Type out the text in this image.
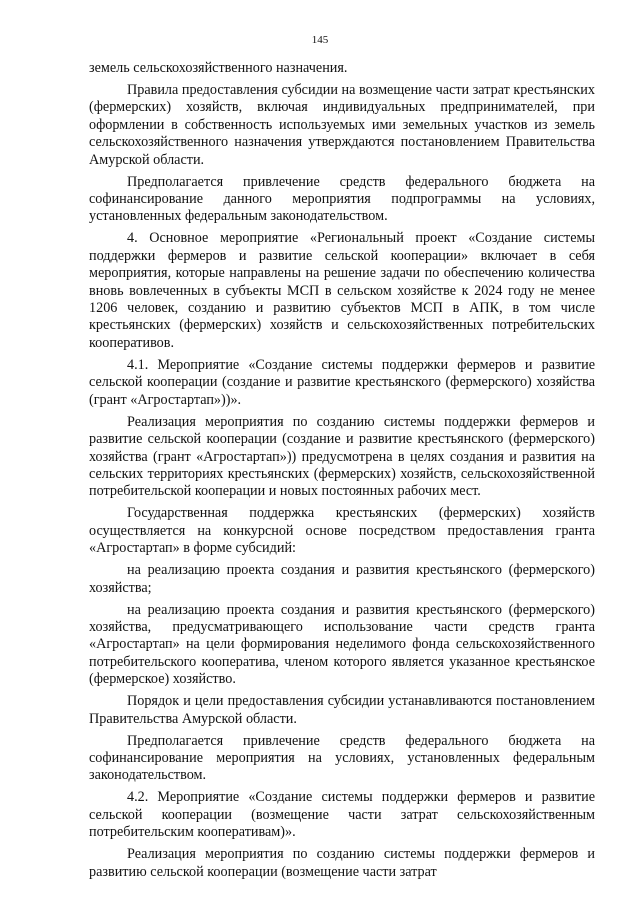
145

земель сельскохозяйственного назначения.

Правила предоставления субсидии на возмещение части затрат крестьянских (фермерских) хозяйств, включая индивидуальных предпринимателей, при оформлении в собственность используемых ими земельных участков из земель сельскохозяйственного назначения утверждаются постановлением Правительства Амурской области.

Предполагается привлечение средств федерального бюджета на софинансирование данного мероприятия подпрограммы на условиях, установленных федеральным законодательством.

4. Основное мероприятие «Региональный проект «Создание системы поддержки фермеров и развитие сельской кооперации» включает в себя мероприятия, которые направлены на решение задачи по обеспечению количества вновь вовлеченных в субъекты МСП в сельском хозяйстве к 2024 году не менее 1206 человек, созданию и развитию субъектов МСП в АПК, в том числе крестьянских (фермерских) хозяйств и сельскохозяйственных потребительских кооперативов.

4.1. Мероприятие «Создание системы поддержки фермеров и развитие сельской кооперации (создание и развитие крестьянского (фермерского) хозяйства (грант «Агростартап»))».

Реализация мероприятия по созданию системы поддержки фермеров и развитие сельской кооперации (создание и развитие крестьянского (фермерского) хозяйства (грант «Агростартап»)) предусмотрена в целях создания и развития на сельских территориях крестьянских (фермерских) хозяйств, сельскохозяйственной потребительской кооперации и новых постоянных рабочих мест.

Государственная поддержка крестьянских (фермерских) хозяйств осуществляется на конкурсной основе посредством предоставления гранта «Агростартап» в форме субсидий:

на реализацию проекта создания и развития крестьянского (фермерского) хозяйства;

на реализацию проекта создания и развития крестьянского (фермерского) хозяйства, предусматривающего использование части средств гранта «Агростартап» на цели формирования неделимого фонда сельскохозяйственного потребительского кооператива, членом которого является указанное крестьянское (фермерское) хозяйство.

Порядок и цели предоставления субсидии устанавливаются постановлением Правительства Амурской области.

Предполагается привлечение средств федерального бюджета на софинансирование мероприятия на условиях, установленных федеральным законодательством.

4.2. Мероприятие «Создание системы поддержки фермеров и развитие сельской кооперации (возмещение части затрат сельскохозяйственным потребительским кооперативам)».

Реализация мероприятия по созданию системы поддержки фермеров и развитию сельской кооперации (возмещение части затрат
